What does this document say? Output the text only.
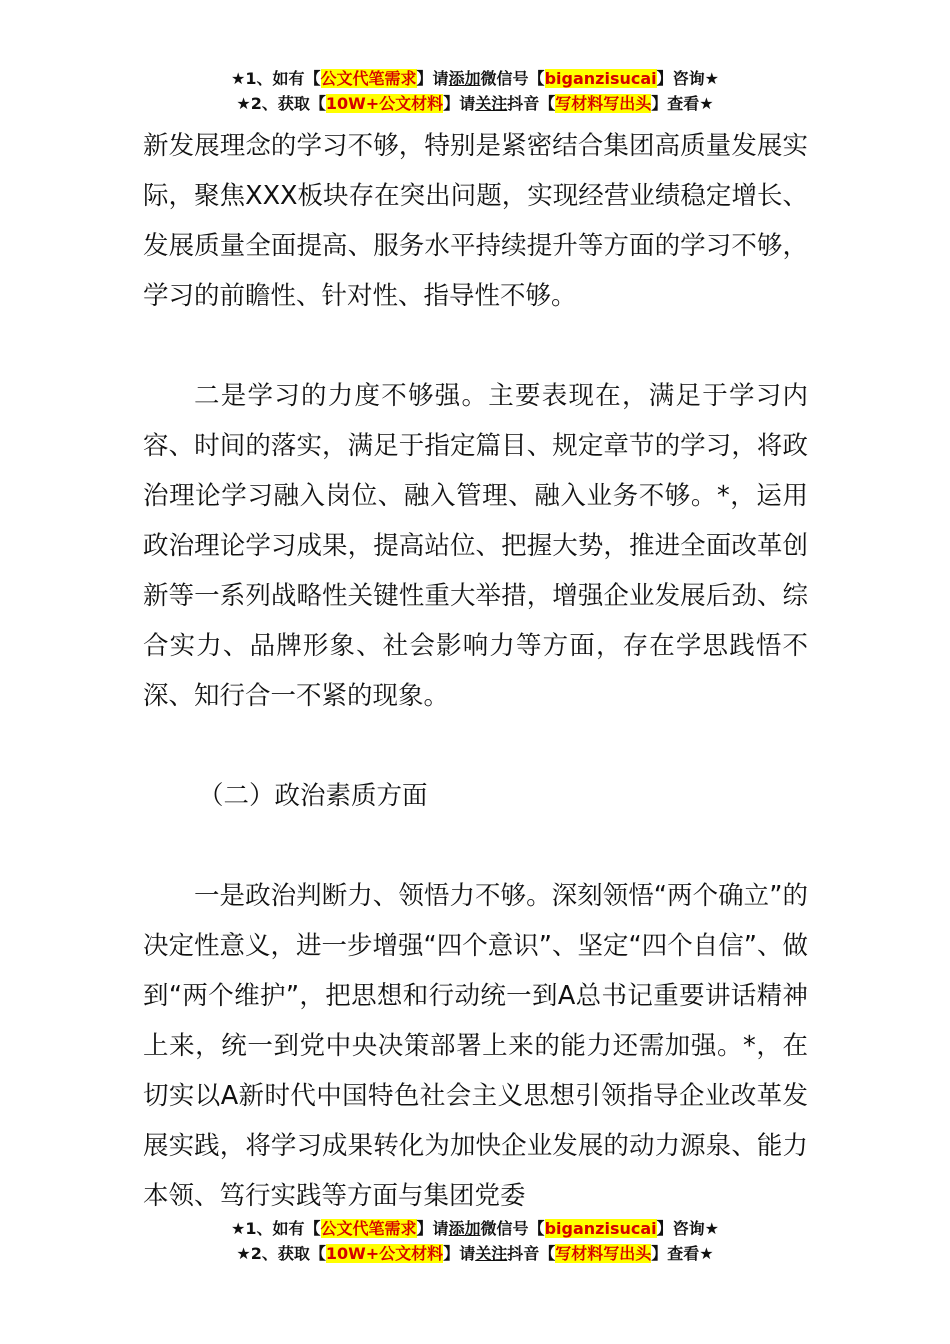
★1、如有【公文代笔需求】请添加微信号【biganzisucai】咨询★
★2、获取【10W+公文材料】请关注抖音【写材料写出头】查看★

新发展理念的学习不够，特别是紧密结合集团高质量发展实际，聚焦XXX板块存在突出问题，实现经营业绩稳定增长、发展质量全面提高、服务水平持续提升等方面的学习不够，学习的前瞻性、针对性、指导性不够。

二是学习的力度不够强。主要表现在，满足于学习内容、时间的落实，满足于指定篇目、规定章节的学习，将政治理论学习融入岗位、融入管理、融入业务不够。*，运用政治理论学习成果，提高站位、把握大势，推进全面改革创新等一系列战略性关键性重大举措，增强企业发展后劲、综合实力、品牌形象、社会影响力等方面，存在学思践悟不深、知行合一不紧的现象。

（二）政治素质方面

一是政治判断力、领悟力不够。深刻领悟“两个确立”的决定性意义，进一步增强“四个意识”、坚定“四个自信”、做到“两个维护”，把思想和行动统一到A总书记重要讲话精神上来，统一到党中央决策部署上来的能力还需加强。*，在切实以A新时代中国特色社会主义思想引领指导企业改革发展实践，将学习成果转化为加快企业发展的动力源泉、能力本领、笃行实践等方面与集团党委

★1、如有【公文代笔需求】请添加微信号【biganzisucai】咨询★
★2、获取【10W+公文材料】请关注抖音【写材料写出头】查看★
